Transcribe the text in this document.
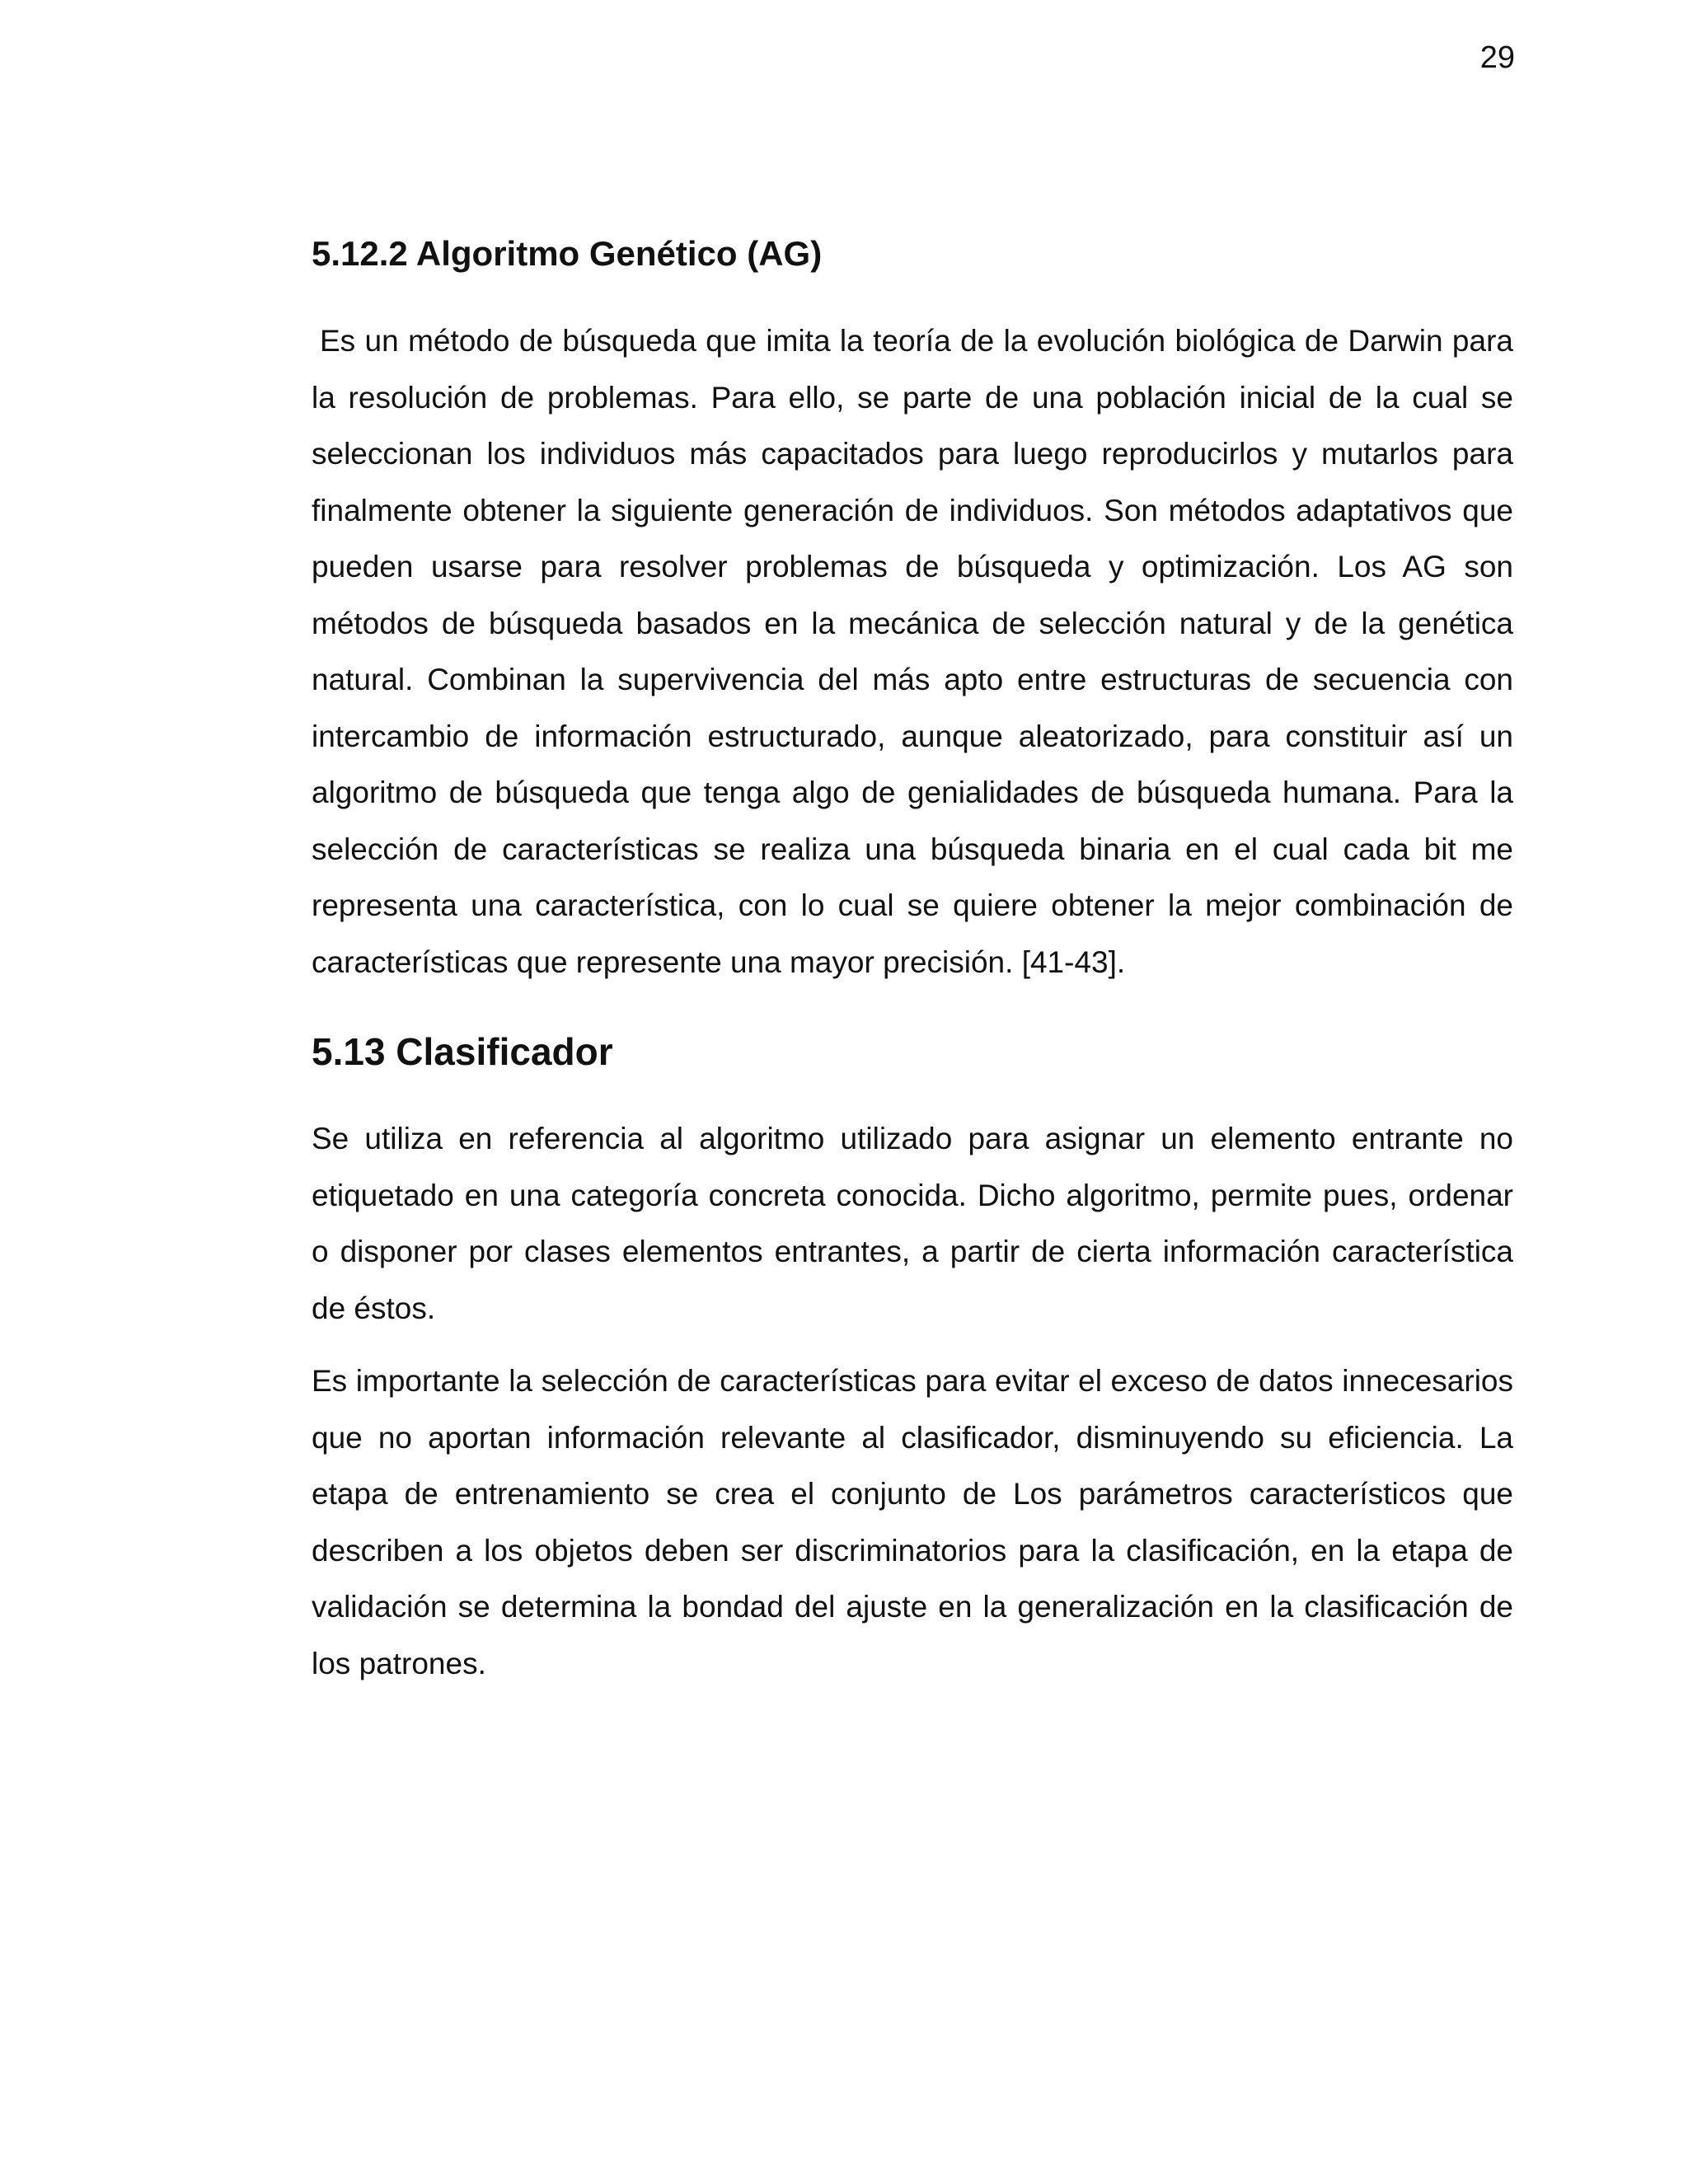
29
5.12.2 Algoritmo Genético (AG)

Es un método de búsqueda que imita la teoría de la evolución biológica de Darwin para la resolución de problemas. Para ello, se parte de una población inicial de la cual se seleccionan los individuos más capacitados para luego reproducirlos y mutarlos para finalmente obtener la siguiente generación de individuos. Son métodos adaptativos que pueden usarse para resolver problemas de búsqueda y optimización. Los AG son métodos de búsqueda basados en la mecánica de selección natural y de la genética natural. Combinan la supervivencia del más apto entre estructuras de secuencia con intercambio de información estructurado, aunque aleatorizado, para constituir así un algoritmo de búsqueda que tenga algo de genialidades de búsqueda humana. Para la selección de características se realiza una búsqueda binaria en el cual cada bit me representa una característica, con lo cual se quiere obtener la mejor combinación de características que represente una mayor precisión. [41-43].

5.13 Clasificador

Se utiliza en referencia al algoritmo utilizado para asignar un elemento entrante no etiquetado en una categoría concreta conocida. Dicho algoritmo, permite pues, ordenar o disponer por clases elementos entrantes, a partir de cierta información característica de éstos.

Es importante la selección de características para evitar el exceso de datos innecesarios que no aportan información relevante al clasificador, disminuyendo su eficiencia. La etapa de entrenamiento se crea el conjunto de Los parámetros característicos que describen a los objetos deben ser discriminatorios para la clasificación, en la etapa de validación se determina la bondad del ajuste en la generalización en la clasificación de los patrones.
